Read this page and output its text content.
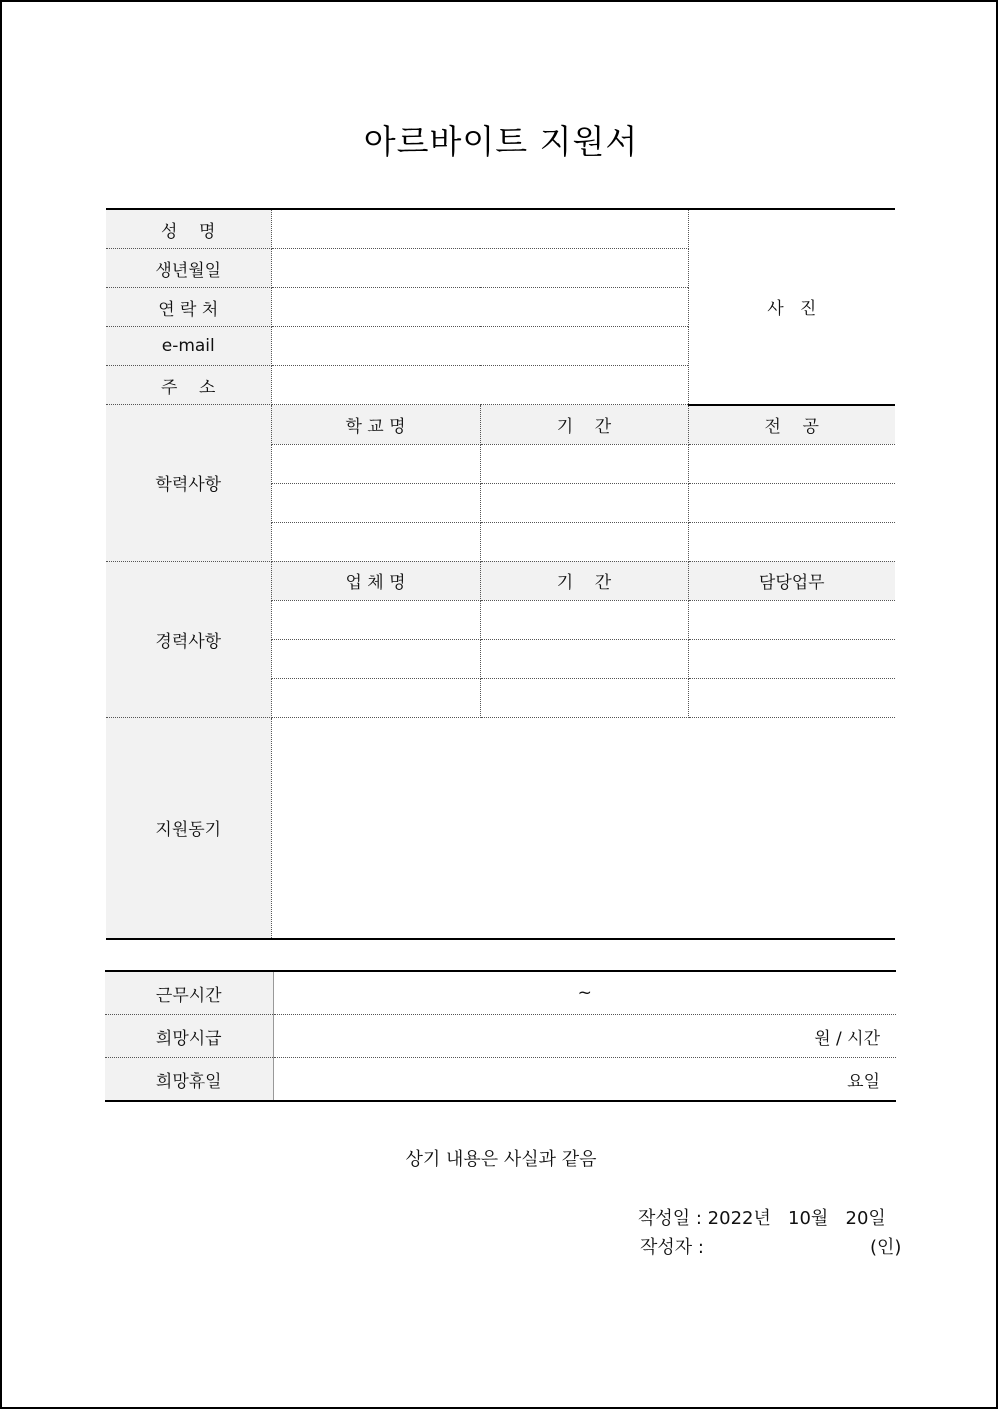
아르바이트 지원서
성    명			사   진
생년월일			
연 락 처			
e-mail			
주    소			
학력사항	학 교 명	기    간	전    공

경력사항	업 체 명	기    간	담당업무

지원동기			
근무시간	~
희망시급	원 / 시간
희망휴일	요일
상기 내용은 사실과 같음
작성일 : 2022년   10월   20일
작성자 :	(인)
